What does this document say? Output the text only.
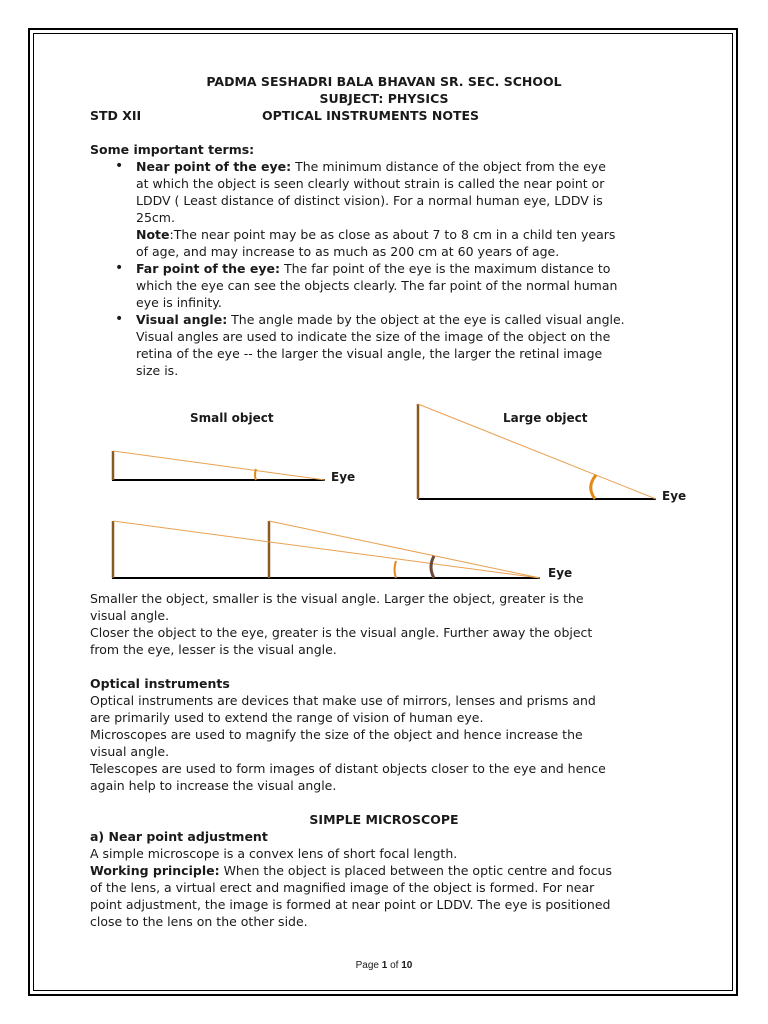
PADMA SESHADRI BALA BHAVAN SR. SEC. SCHOOL
SUBJECT: PHYSICS
STD XII	OPTICAL INSTRUMENTS NOTES
Some important terms:
• Near point of the eye: The minimum distance of the object from the eye
at which the object is seen clearly without strain is called the near point or
LDDV ( Least distance of distinct vision). For a normal human eye, LDDV is
25cm.
Note:The near point may be as close as about 7 to 8 cm in a child ten years
of age, and may increase to as much as 200 cm at 60 years of age.
• Far point of the eye: The far point of the eye is the maximum distance to
which the eye can see the objects clearly. The far point of the normal human
eye is infinity.
• Visual angle: The angle made by the object at the eye is called visual angle.
Visual angles are used to indicate the size of the image of the object on the
retina of the eye -- the larger the visual angle, the larger the retinal image
size is.
Small object	Large object
Eye
Eye
Eye
Smaller the object, smaller is the visual angle. Larger the object, greater is the
visual angle.
Closer the object to the eye, greater is the visual angle. Further away the object
from the eye, lesser is the visual angle.
Optical instruments
Optical instruments are devices that make use of mirrors, lenses and prisms and
are primarily used to extend the range of vision of human eye.
Microscopes are used to magnify the size of the object and hence increase the
visual angle.
Telescopes are used to form images of distant objects closer to the eye and hence
again help to increase the visual angle.
SIMPLE MICROSCOPE
a) Near point adjustment
A simple microscope is a convex lens of short focal length.
Working principle: When the object is placed between the optic centre and focus
of the lens, a virtual erect and magnified image of the object is formed. For near
point adjustment, the image is formed at near point or LDDV. The eye is positioned
close to the lens on the other side.
Page 1 of 10
